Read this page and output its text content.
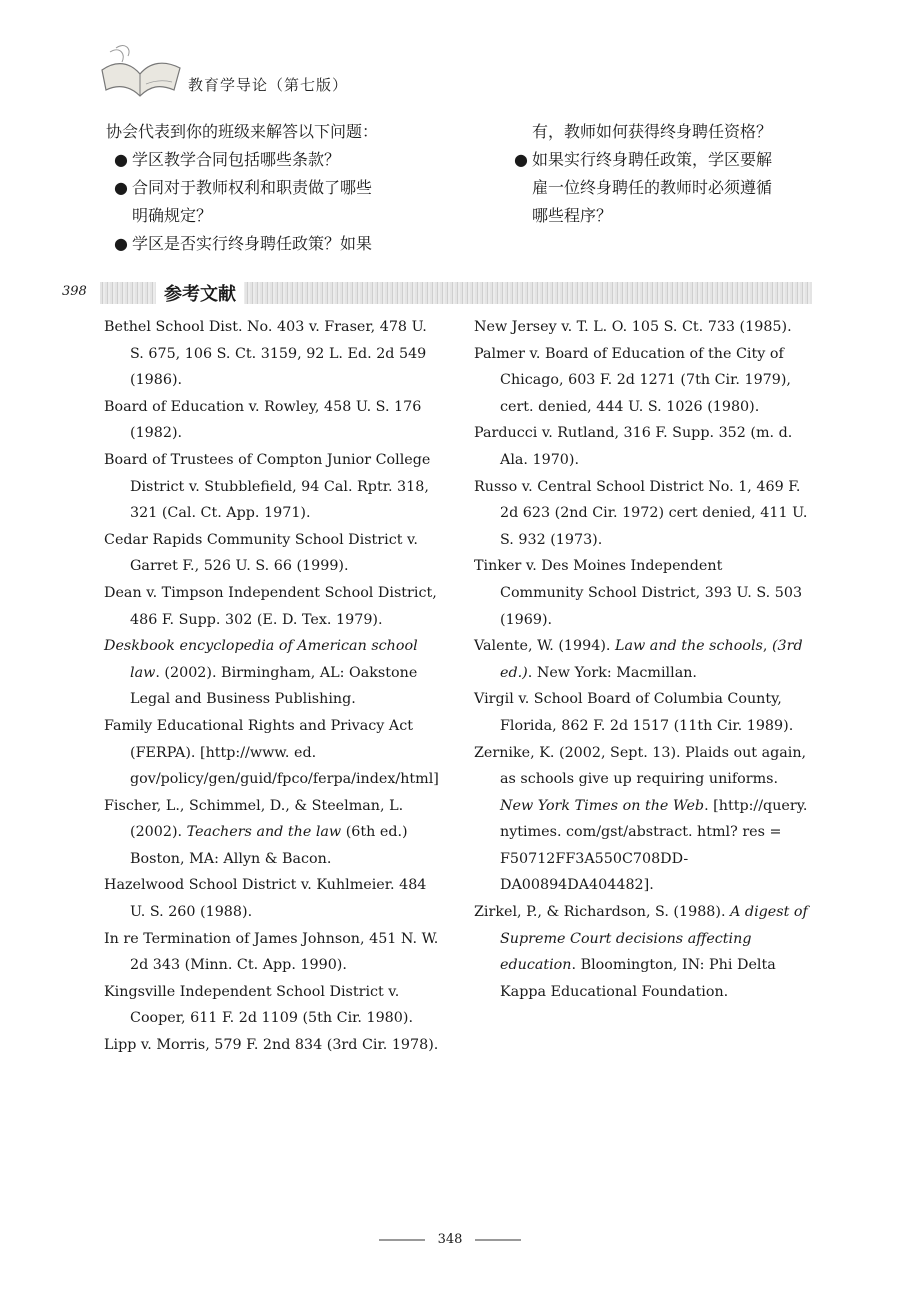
教育学导论（第七版）
协会代表到你的班级来解答以下问题：
● 学区教学合同包括哪些条款？
● 合同对于教师权利和职责做了哪些
明确规定？
● 学区是否实行终身聘任政策？如果
有，教师如何获得终身聘任资格？
● 如果实行终身聘任政策，学区要解
雇一位终身聘任的教师时必须遵循
哪些程序？
398	参考文献
Bethel School Dist. No. 403 v. Fraser, 478 U. S. 675, 106 S. Ct. 3159, 92 L. Ed. 2d 549 (1986).
Board of Education v. Rowley, 458 U. S. 176 (1982).
Board of Trustees of Compton Junior College District v. Stubblefield, 94 Cal. Rptr. 318, 321 (Cal. Ct. App. 1971).
Cedar Rapids Community School District v. Garret F., 526 U. S. 66 (1999).
Dean v. Timpson Independent School District, 486 F. Supp. 302 (E. D. Tex. 1979).
Deskbook encyclopedia of American school law. (2002). Birmingham, AL: Oakstone Legal and Business Publishing.
Family Educational Rights and Privacy Act (FERPA). [http://www. ed. gov/policy/gen/guid/fpco/ferpa/index/html]
Fischer, L., Schimmel, D., & Steelman, L. (2002). Teachers and the law (6th ed.) Boston, MA: Allyn & Bacon.
Hazelwood School District v. Kuhlmeier. 484 U. S. 260 (1988).
In re Termination of James Johnson, 451 N. W. 2d 343 (Minn. Ct. App. 1990).
Kingsville Independent School District v. Cooper, 611 F. 2d 1109 (5th Cir. 1980).
Lipp v. Morris, 579 F. 2nd 834 (3rd Cir. 1978).
New Jersey v. T. L. O. 105 S. Ct. 733 (1985).
Palmer v. Board of Education of the City of Chicago, 603 F. 2d 1271 (7th Cir. 1979), cert. denied, 444 U. S. 1026 (1980).
Parducci v. Rutland, 316 F. Supp. 352 (m. d. Ala. 1970).
Russo v. Central School District No. 1, 469 F. 2d 623 (2nd Cir. 1972) cert denied, 411 U. S. 932 (1973).
Tinker v. Des Moines Independent Community School District, 393 U. S. 503 (1969).
Valente, W. (1994). Law and the schools, (3rd ed.). New York: Macmillan.
Virgil v. School Board of Columbia County, Florida, 862 F. 2d 1517 (11th Cir. 1989).
Zernike, K. (2002, Sept. 13). Plaids out again, as schools give up requiring uniforms. New York Times on the Web. [http://query. nytimes. com/gst/abstract. html? res = F50712FF3A550C708DD-DA00894DA404482].
Zirkel, P., & Richardson, S. (1988). A digest of Supreme Court decisions affecting education. Bloomington, IN: Phi Delta Kappa Educational Foundation.
348
